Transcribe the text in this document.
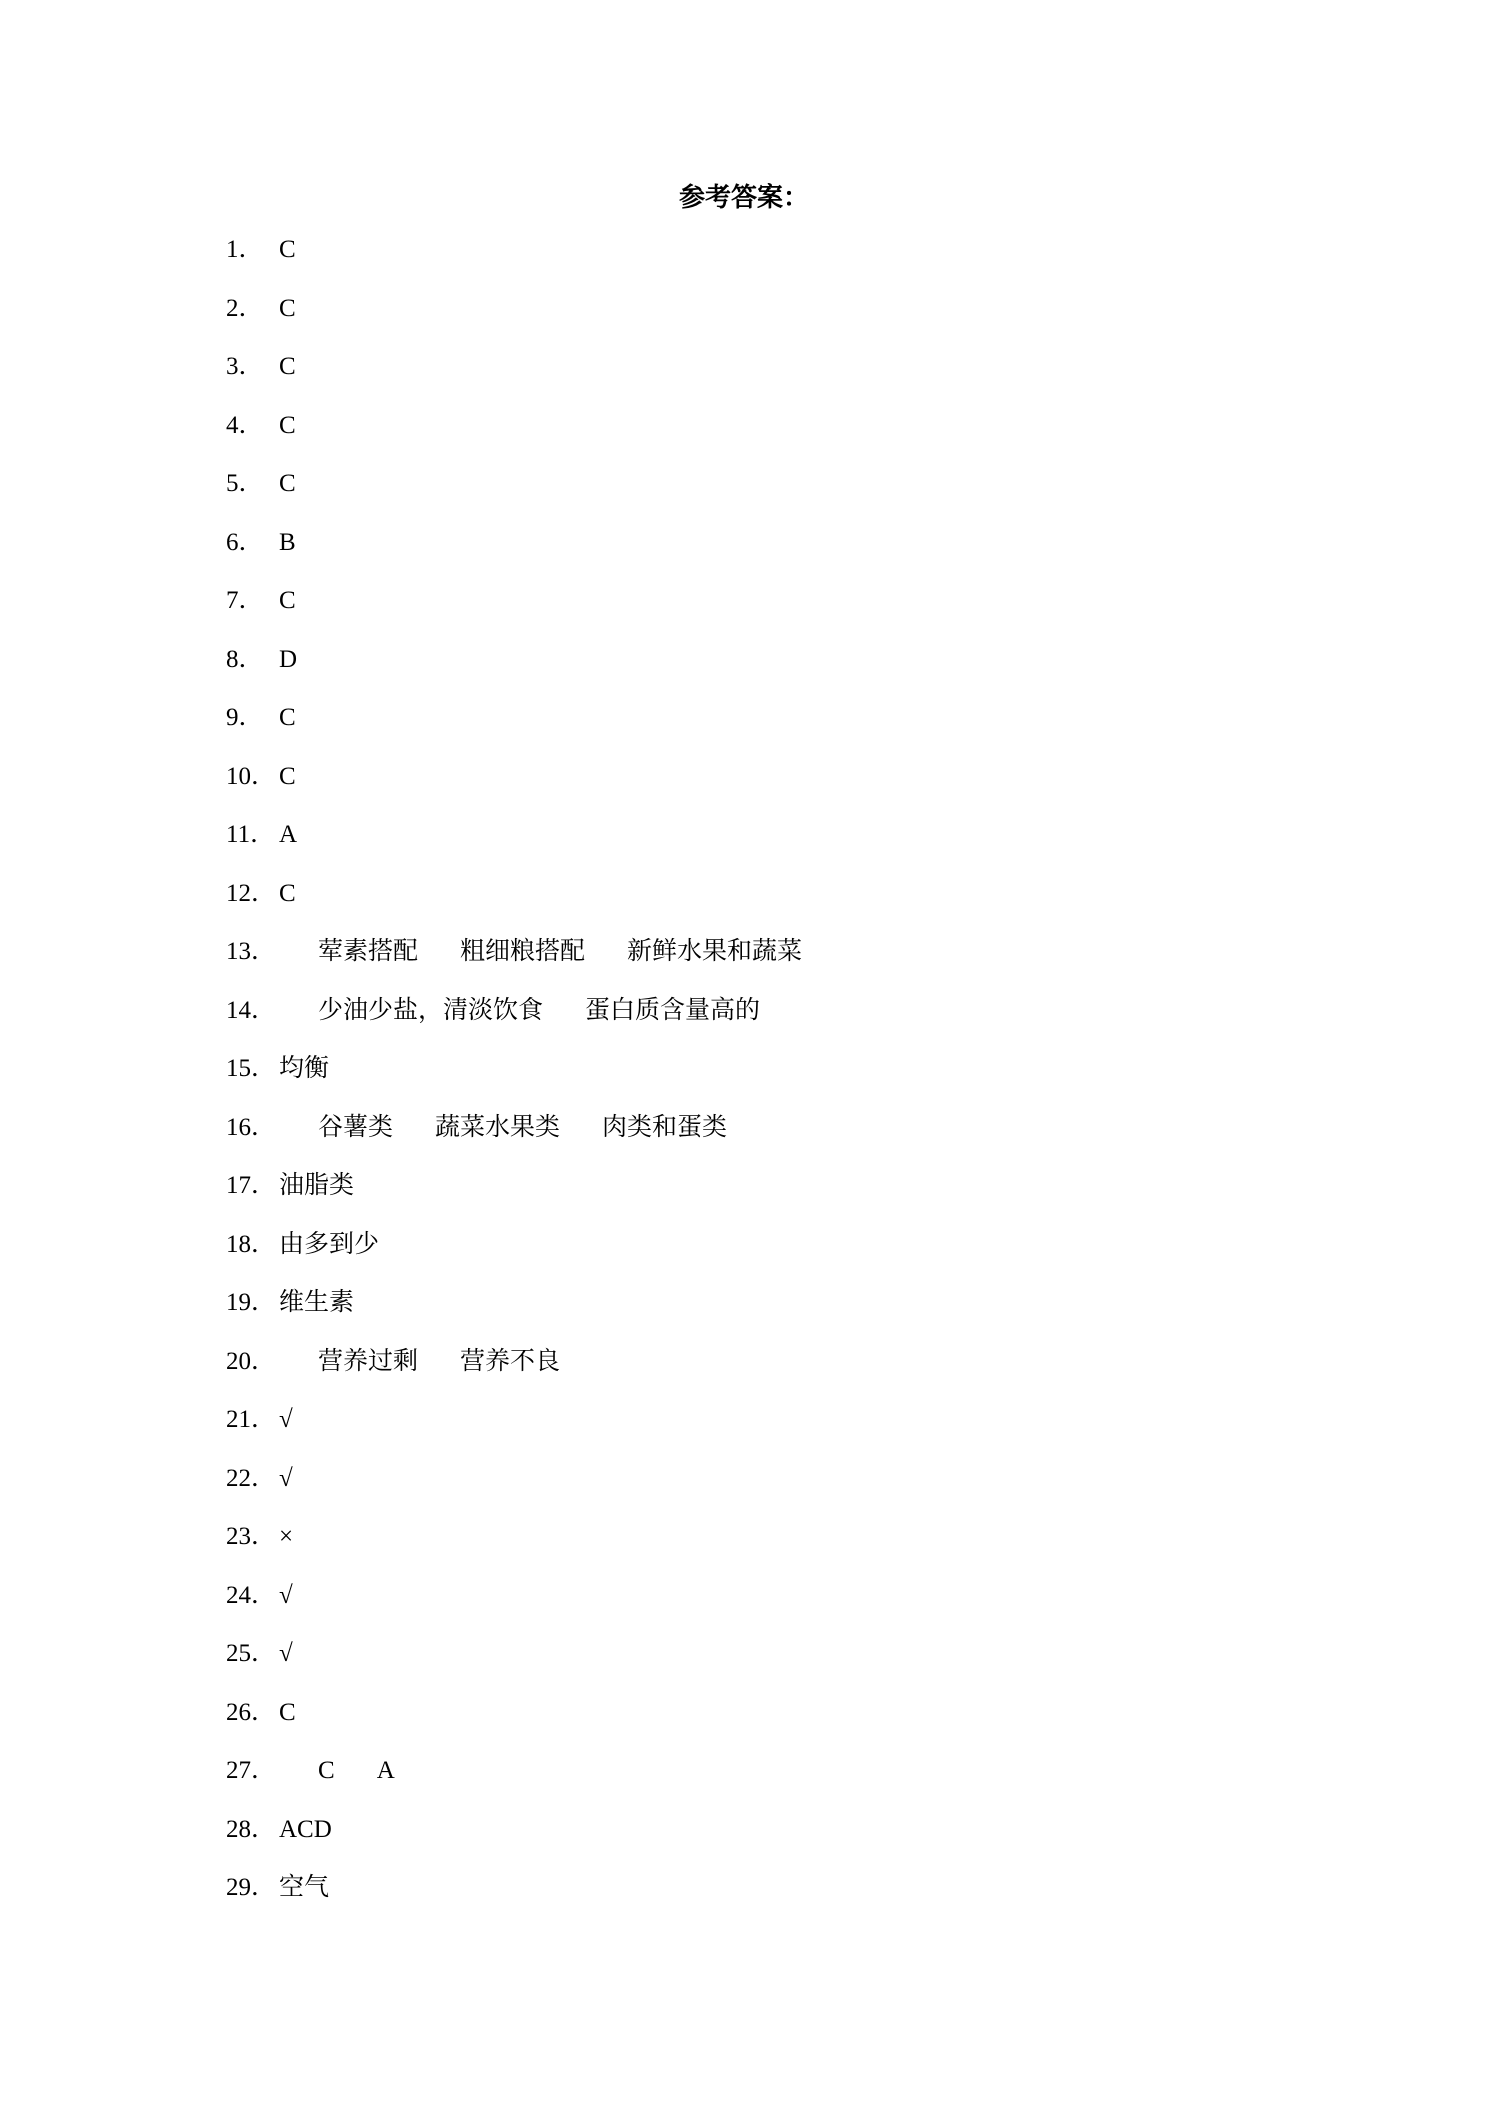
参考答案：
1． C
2． C
3． C
4． C
5． C
6． B
7． C
8． D
9． C
10． C
11． A
12． C
13． 荤素搭配 粗细粮搭配 新鲜水果和蔬菜
14． 少油少盐，清淡饮食 蛋白质含量高的
15． 均衡
16． 谷薯类 蔬菜水果类 肉类和蛋类
17． 油脂类
18． 由多到少
19． 维生素
20． 营养过剩 营养不良
21． √
22． √
23． ×
24． √
25． √
26． C
27． C A
28． ACD
29． 空气
